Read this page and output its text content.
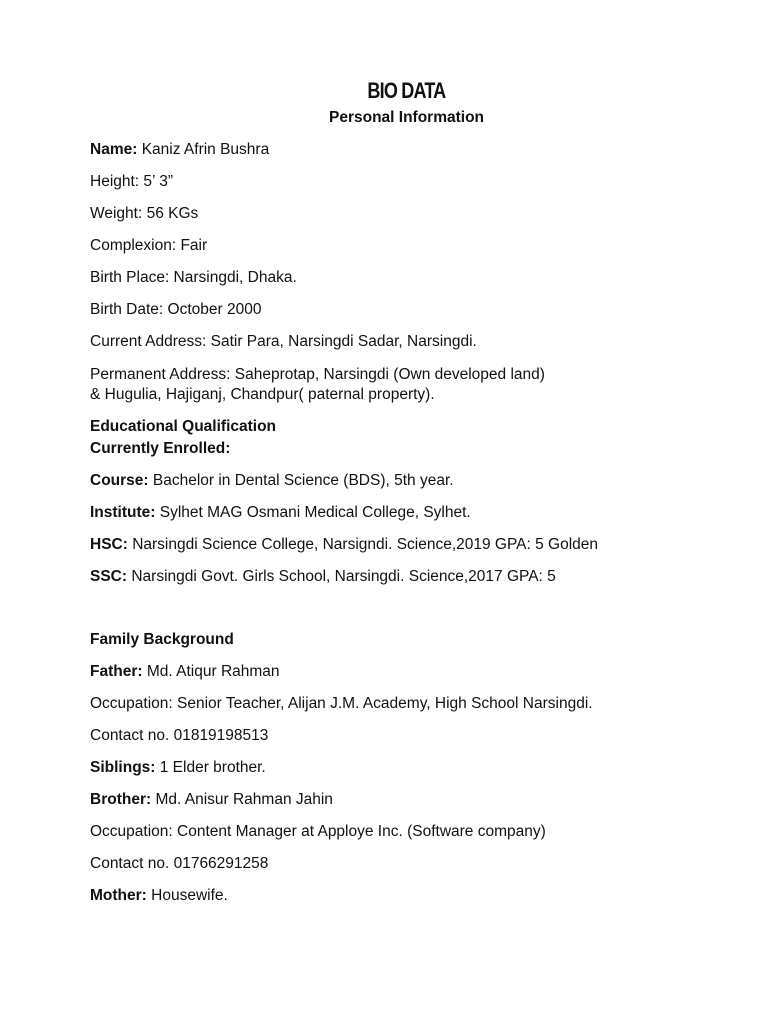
BIO DATA
Personal Information
Name: Kaniz Afrin Bushra
Height: 5’ 3”
Weight: 56 KGs
Complexion: Fair
Birth Place: Narsingdi, Dhaka.
Birth Date: October 2000
Current Address: Satir Para, Narsingdi Sadar, Narsingdi.
Permanent Address: Saheprotap, Narsingdi (Own developed land)
& Hugulia, Hajiganj, Chandpur( paternal property).
Educational Qualification
Currently Enrolled:
Course: Bachelor in Dental Science (BDS), 5th year.
Institute: Sylhet MAG Osmani Medical College, Sylhet.
HSC: Narsingdi Science College, Narsigndi. Science,2019 GPA: 5 Golden
SSC: Narsingdi Govt. Girls School, Narsingdi. Science,2017 GPA: 5
Family Background
Father: Md. Atiqur Rahman
Occupation: Senior Teacher, Alijan J.M. Academy, High School Narsingdi.
Contact no. 01819198513
Siblings: 1 Elder brother.
Brother: Md. Anisur Rahman Jahin
Occupation: Content Manager at Apploye Inc. (Software company)
Contact no. 01766291258
Mother: Housewife.
